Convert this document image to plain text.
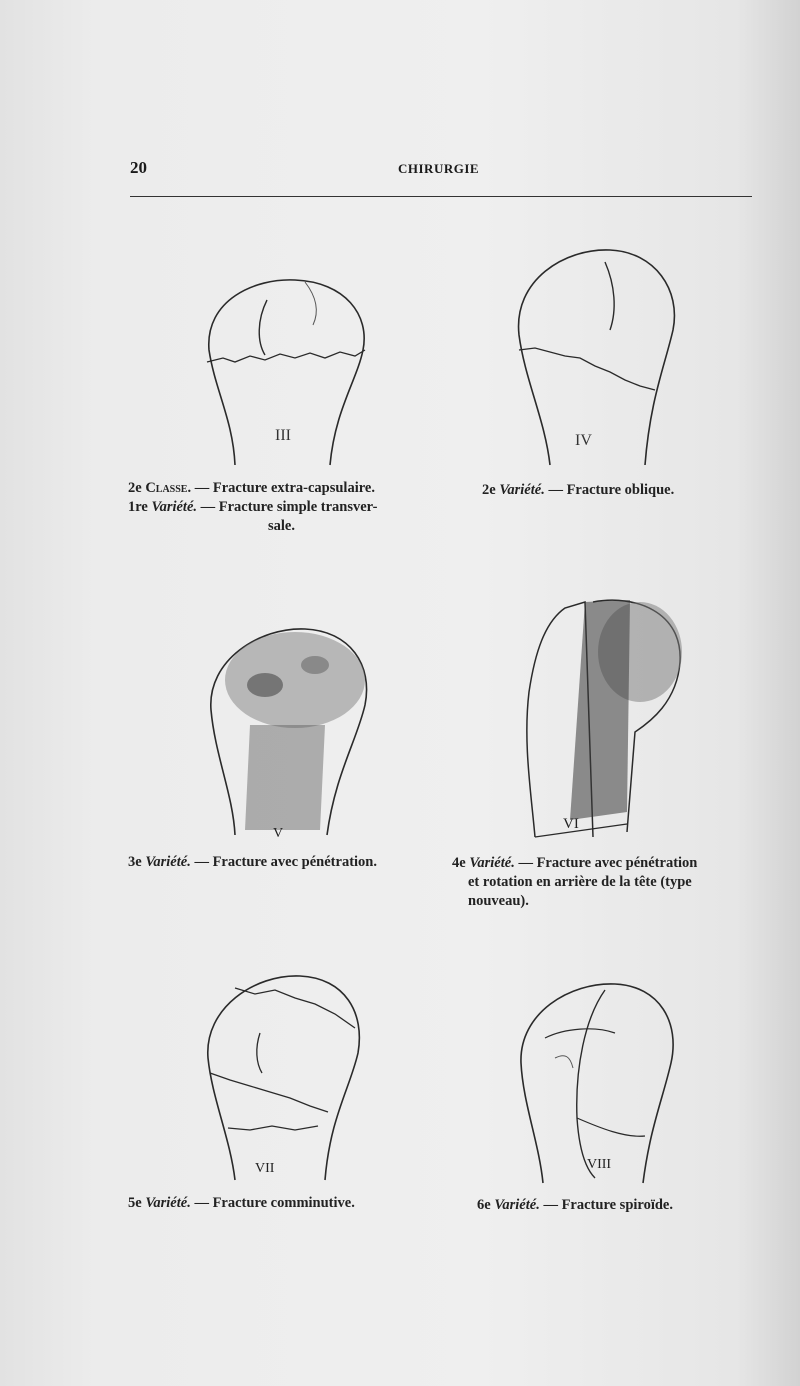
20	CHIRURGIE
III
2e Classe. — Fracture extra-capsulaire.
1re Variété. — Fracture simple transver-
sale.
IV
2e Variété. — Fracture oblique.
V
3e Variété. — Fracture avec pénétration.
VI
4e Variété. — Fracture avec pénétration
et rotation en arrière de la tête (type
nouveau).
VII
5e Variété. — Fracture comminutive.
VIII
6e Variété. — Fracture spiroïde.
